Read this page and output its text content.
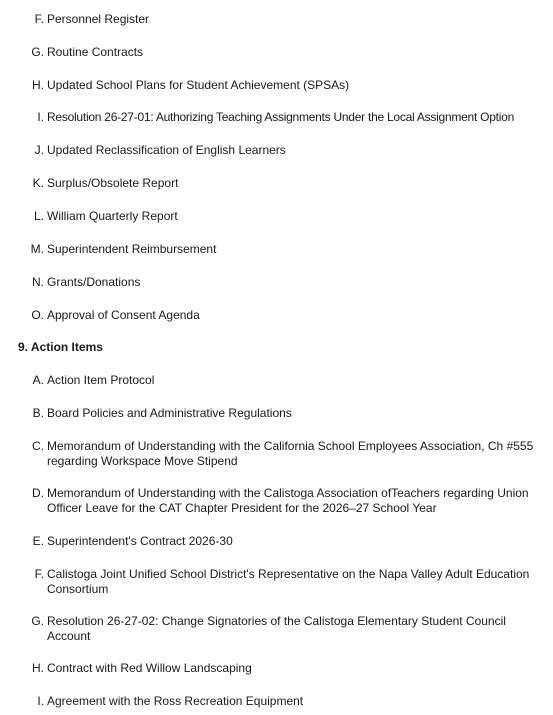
F. Personnel Register
G. Routine Contracts
H. Updated School Plans for Student Achievement (SPSAs)
I. Resolution 26-27-01: Authorizing Teaching Assignments Under the Local Assignment Option
J. Updated Reclassification of English Learners
K. Surplus/Obsolete Report
L. William Quarterly Report
M. Superintendent Reimbursement
N. Grants/Donations
O. Approval of Consent Agenda
9. Action Items
A. Action Item Protocol
B. Board Policies and Administrative Regulations
C. Memorandum of Understanding with the California School Employees Association, Ch #555 regarding Workspace Move Stipend
D. Memorandum of Understanding with the Calistoga Association ofTeachers regarding Union Officer Leave for the CAT Chapter President for the 2026–27 School Year
E. Superintendent's Contract 2026-30
F. Calistoga Joint Unified School District's Representative on the Napa Valley Adult Education Consortium
G. Resolution 26-27-02: Change Signatories of the Calistoga Elementary Student Council Account
H. Contract with Red Willow Landscaping
I. Agreement with the Ross Recreation Equipment
